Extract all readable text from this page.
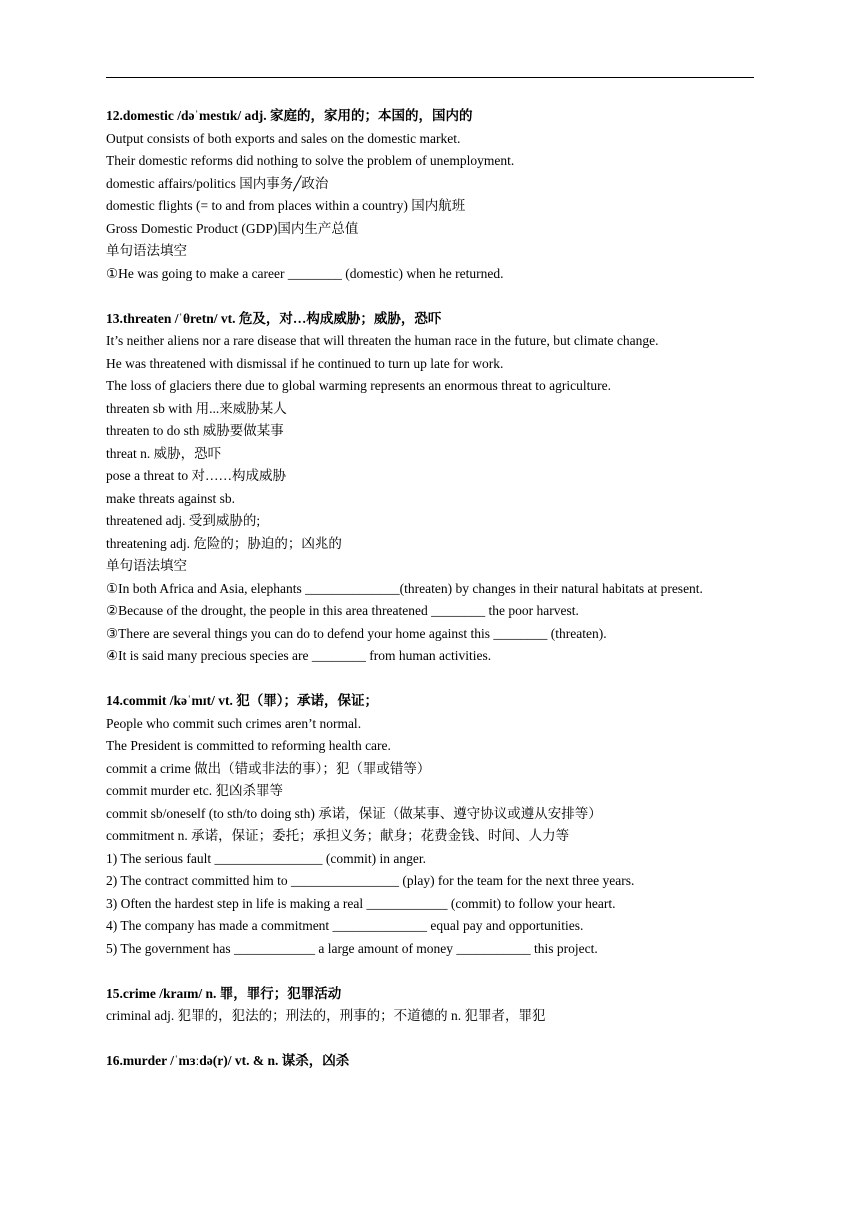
12.domestic /dəˈmestɪk/ adj. 家庭的，家用的；本国的，国内的
Output consists of both exports and sales on the domestic market.
Their domestic reforms did nothing to solve the problem of unemployment.
domestic affairs/politics 国内事务╱政治
domestic flights (= to and from places within a country) 国内航班
Gross Domestic Product (GDP)国内生产总值
单句语法填空
①He was going to make a career ________ (domestic) when he returned.
13.threaten /ˈθretn/ vt. 危及，对…构成威胁；威胁，恐吓
It’s neither aliens nor a rare disease that will threaten the human race in the future, but climate change.
He was threatened with dismissal if he continued to turn up late for work.
The loss of glaciers there due to global warming represents an enormous threat to agriculture.
threaten sb with 用...来威胁某人
threaten to do sth 威胁要做某事
threat n. 威胁，恐吓
pose a threat to 对……构成威胁
make threats against sb.
threatened adj. 受到威胁的;
threatening adj. 危险的；胁迫的；凶兆的
单句语法填空
①In both Africa and Asia, elephants ______________(threaten) by changes in their natural habitats at present.
②Because of the drought, the people in this area threatened ________ the poor harvest.
③There are several things you can do to defend your home against this ________ (threaten).
④It is said many precious species are ________ from human activities.
14.commit /kəˈmɪt/ vt. 犯（罪）；承诺，保证；
People who commit such crimes aren’t normal.
The President is committed to reforming health care.
commit a crime 做出（错或非法的事）；犯（罪或错等）
commit murder etc. 犯凶杀罪等
commit sb/oneself (to sth/to doing sth) 承诺，保证（做某事、遵守协议或遵从安排等）
commitment n. 承诺，保证；委托；承担义务；献身；花费金钱、时间、人力等
1) The serious fault ________________ (commit) in anger.
2) The contract committed him to ________________ (play) for the team for the next three years.
3) Often the hardest step in life is making a real ____________ (commit) to follow your heart.
4) The company has made a commitment ______________ equal pay and opportunities.
5) The government has ____________ a large amount of money ___________ this project.
15.crime /kraɪm/ n. 罪，罪行；犯罪活动
criminal adj. 犯罪的，犯法的；刑法的，刑事的；不道德的 n. 犯罪者，罪犯
16.murder /ˈmɜːdə(r)/ vt. & n. 谋杀，凶杀
